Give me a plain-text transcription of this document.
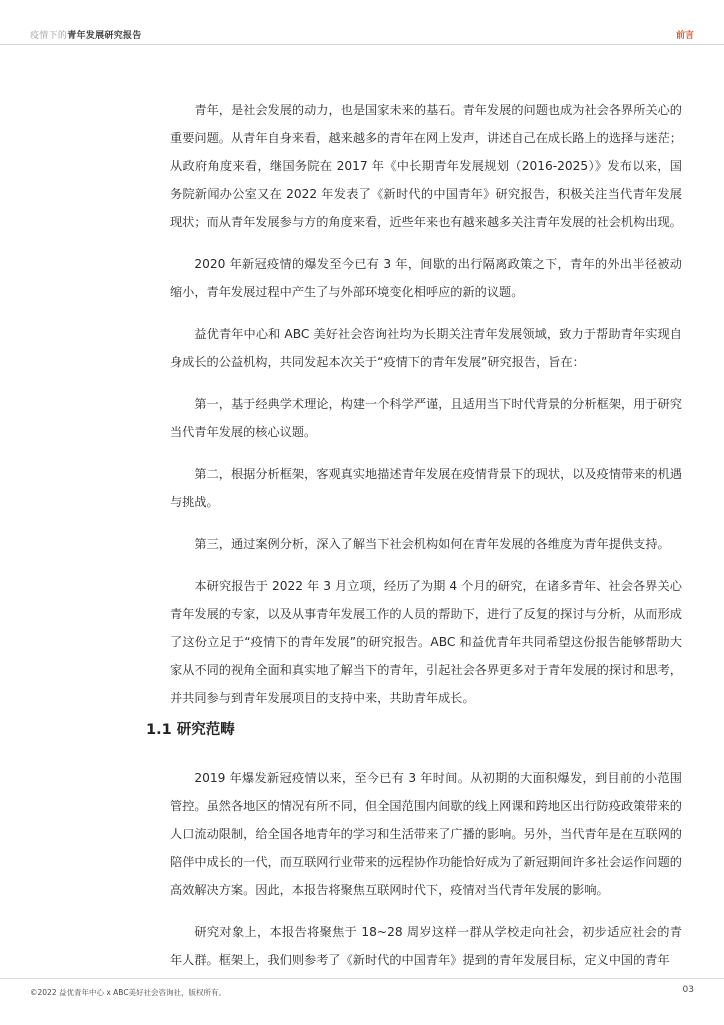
疫情下的青年发展研究报告	前言

青年，是社会发展的动力，也是国家未来的基石。青年发展的问题也成为社会各界所关心的重要问题。从青年自身来看，越来越多的青年在网上发声，讲述自己在成长路上的选择与迷茫；从政府角度来看，继国务院在 2017 年《中长期青年发展规划（2016-2025）》发布以来，国务院新闻办公室又在 2022 年发表了《新时代的中国青年》研究报告，积极关注当代青年发展现状；而从青年发展参与方的角度来看，近些年来也有越来越多关注青年发展的社会机构出现。

2020 年新冠疫情的爆发至今已有 3 年，间歇的出行隔离政策之下，青年的外出半径被动缩小，青年发展过程中产生了与外部环境变化相呼应的新的议题。

益优青年中心和 ABC 美好社会咨询社均为长期关注青年发展领域，致力于帮助青年实现自身成长的公益机构，共同发起本次关于“疫情下的青年发展”研究报告，旨在：

第一，基于经典学术理论，构建一个科学严谨，且适用当下时代背景的分析框架，用于研究当代青年发展的核心议题。

第二，根据分析框架，客观真实地描述青年发展在疫情背景下的现状，以及疫情带来的机遇与挑战。

第三，通过案例分析，深入了解当下社会机构如何在青年发展的各维度为青年提供支持。

本研究报告于 2022 年 3 月立项，经历了为期 4 个月的研究，在诸多青年、社会各界关心青年发展的专家，以及从事青年发展工作的人员的帮助下，进行了反复的探讨与分析，从而形成了这份立足于“疫情下的青年发展”的研究报告。ABC 和益优青年共同希望这份报告能够帮助大家从不同的视角全面和真实地了解当下的青年，引起社会各界更多对于青年发展的探讨和思考，并共同参与到青年发展项目的支持中来，共助青年成长。

1.1 研究范畴

2019 年爆发新冠疫情以来，至今已有 3 年时间。从初期的大面积爆发，到目前的小范围管控。虽然各地区的情况有所不同，但全国范围内间歇的线上网课和跨地区出行防疫政策带来的人口流动限制，给全国各地青年的学习和生活带来了广播的影响。另外，当代青年是在互联网的陪伴中成长的一代，而互联网行业带来的远程协作功能恰好成为了新冠期间许多社会运作问题的高效解决方案。因此，本报告将聚焦互联网时代下，疫情对当代青年发展的影响。

研究对象上，本报告将聚焦于 18~28 周岁这样一群从学校走向社会，初步适应社会的青年人群。框架上，我们则参考了《新时代的中国青年》提到的青年发展目标，定义中国的青年

©2022 益优青年中心 x ABC美好社会咨询社，版权所有。	03
